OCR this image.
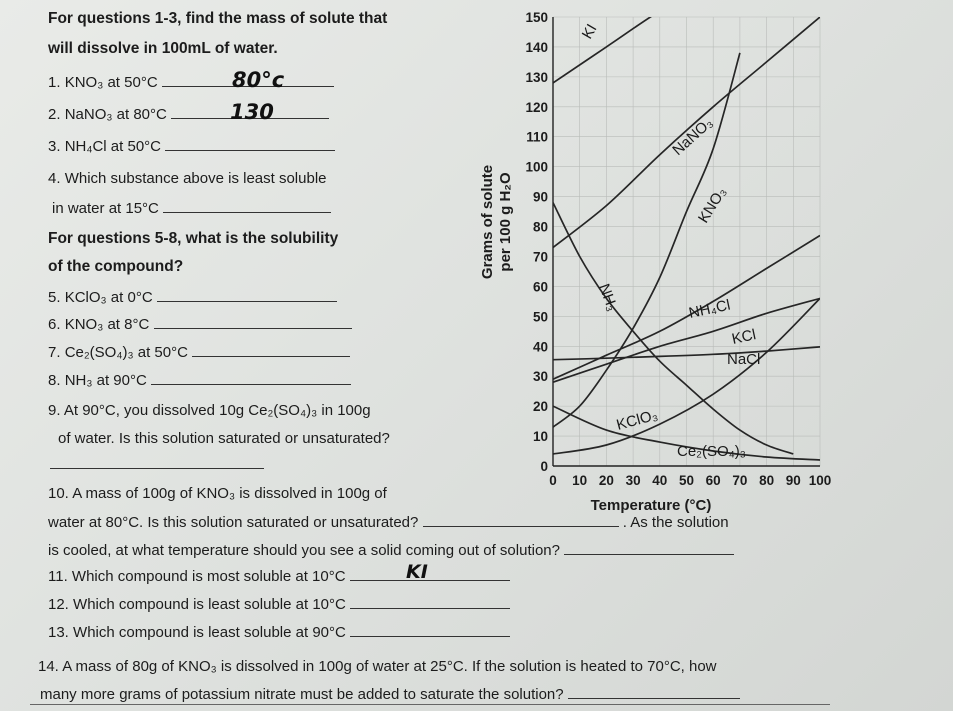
For questions 1-3, find the mass of solute that
will dissolve in 100mL of water.
1. KNO₃ at 50°C	80°c
2. NaNO₃ at 80°C	130
3. NH₄Cl at 50°C
4. Which substance above is least soluble
in water at 15°C
For questions 5-8, what is the solubility
of the compound?
5. KClO₃ at 0°C
6. KNO₃ at 8°C
7. Ce₂(SO₄)₃ at 50°C
8. NH₃ at 90°C
9. At 90°C, you dissolved 10g Ce₂(SO₄)₃ in 100g
of water. Is this solution saturated or unsaturated?
10. A mass of 100g of KNO₃ is dissolved in 100g of
water at 80°C. Is this solution saturated or unsaturated?	. As the solution
is cooled, at what temperature should you see a solid coming out of solution?
11. Which compound is most soluble at 10°C	KI
12. Which compound is least soluble at 10°C
13. Which compound is least soluble at 90°C
14. A mass of 80g of KNO₃ is dissolved in 100g of water at 25°C. If the solution is heated to 70°C, how
many more grams of potassium nitrate must be added to saturate the solution?
0 10 20 30 40 50 60 70 80 90 100
0
10
20
30
40
50
60
70
80
90
100
110
120
130
140
150
KI
NaNO₃
KNO₃
NH₃	NH₄Cl
KCl
NaCl
KClO₃
Ce₂(SO₄)₃
Temperature (°C)
Grams of solute per 100 g H₂O
